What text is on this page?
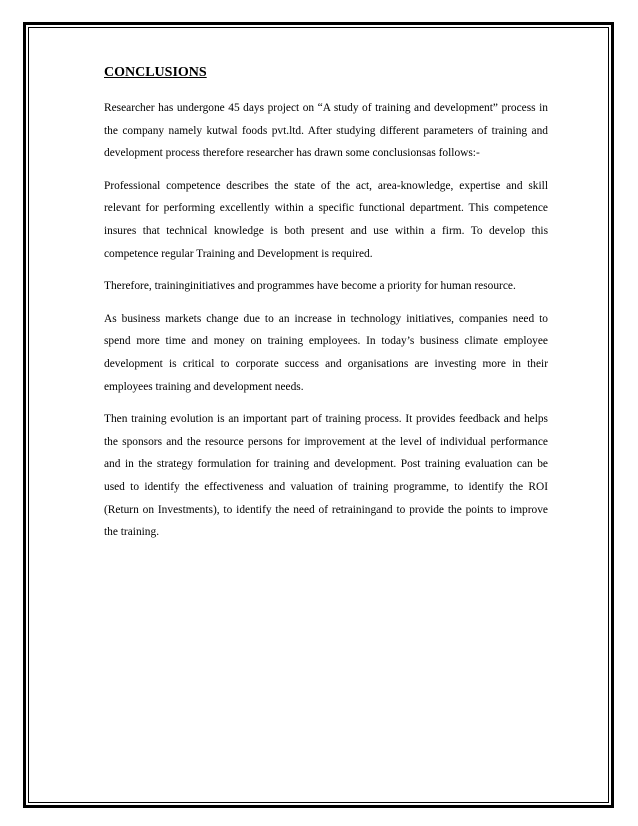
CONCLUSIONS

Researcher has undergone 45 days project on “A study of training and development” process in the company namely kutwal foods pvt.ltd. After studying different parameters of training and development process therefore researcher has drawn some conclusionsas follows:-

Professional competence describes the state of the act, area-knowledge, expertise and skill relevant for performing excellently within a specific functional department. This competence insures that technical knowledge is both present and use within a firm. To develop this competence regular Training and Development is required.

Therefore, traininginitiatives and programmes have become a priority for human resource.

As business markets change due to an increase in technology initiatives, companies need to spend more time and money on training employees. In today’s business climate employee development is critical to corporate success and organisations are investing more in their employees training and development needs.

Then training evolution is an important part of training process. It provides feedback and helps the sponsors and the resource persons for improvement at the level of individual performance and in the strategy formulation for training and development. Post training evaluation can be used to identify the effectiveness and valuation of training programme, to identify the ROI (Return on Investments), to identify the need of retrainingand to provide the points to improve the training.
